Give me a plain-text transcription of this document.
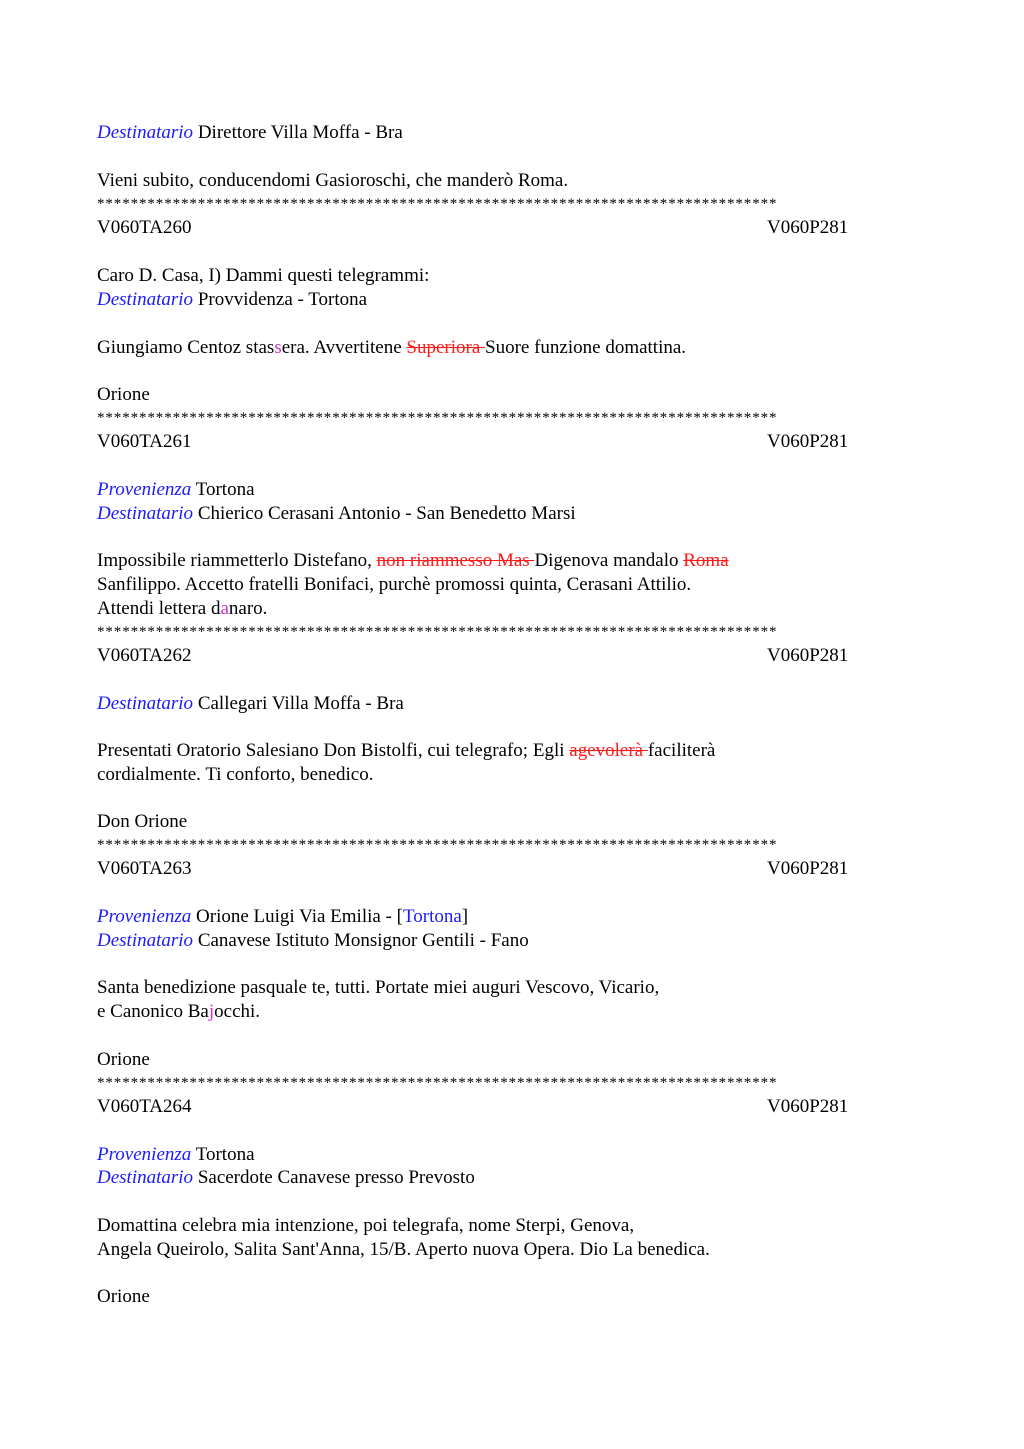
Destinatario Direttore Villa Moffa - Bra
Vieni subito, conducendomi Gasioroschi, che manderò Roma.
*********************************************************************************
V060TA260	V060P281
Caro D. Casa, I) Dammi questi telegrammi:
Destinatario Provvidenza - Tortona
Giungiamo Centoz stassera. Avvertitene Superiora Suore funzione domattina.
Orione
*********************************************************************************
V060TA261	V060P281
Provenienza Tortona
Destinatario Chierico Cerasani Antonio - San Benedetto Marsi
Impossibile riammetterlo Distefano, non riammesso Mas Digenova mandalo Roma
Sanfilippo. Accetto fratelli Bonifaci, purchè promossi quinta, Cerasani Attilio.
Attendi lettera danaro.
*********************************************************************************
V060TA262	V060P281
Destinatario Callegari Villa Moffa - Bra
Presentati Oratorio Salesiano Don Bistolfi, cui telegrafo; Egli agevolerà faciliterà
cordialmente. Ti conforto, benedico.
Don Orione
*********************************************************************************
V060TA263	V060P281
Provenienza Orione Luigi Via Emilia - [Tortona]
Destinatario Canavese Istituto Monsignor Gentili - Fano
Santa benedizione pasquale te, tutti. Portate miei auguri Vescovo, Vicario,
e Canonico Bajocchi.
Orione
*********************************************************************************
V060TA264	V060P281
Provenienza Tortona
Destinatario Sacerdote Canavese presso Prevosto
Domattina celebra mia intenzione, poi telegrafa, nome Sterpi, Genova,
Angela Queirolo, Salita Sant'Anna, 15/B. Aperto nuova Opera. Dio La benedica.
Orione
